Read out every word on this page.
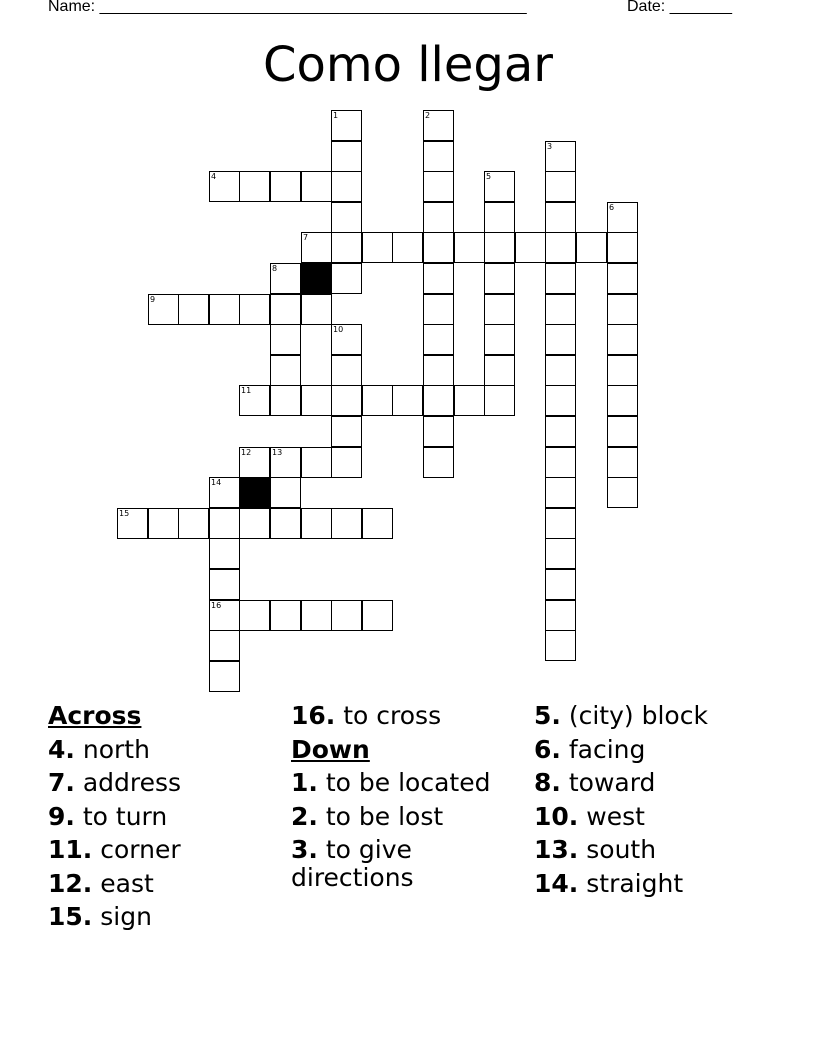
Name: ________________________________________________	Date: _______
Como llegar
1	2
3
4	5
6
7
8
9
10
11
12	13
14
16
15
Across
4. north
7. address
9. to turn
11. corner
12. east
15. sign
16. to cross
Down
1. to be located
2. to be lost
3. to give directions
5. (city) block
6. facing
8. toward
10. west
13. south
14. straight
